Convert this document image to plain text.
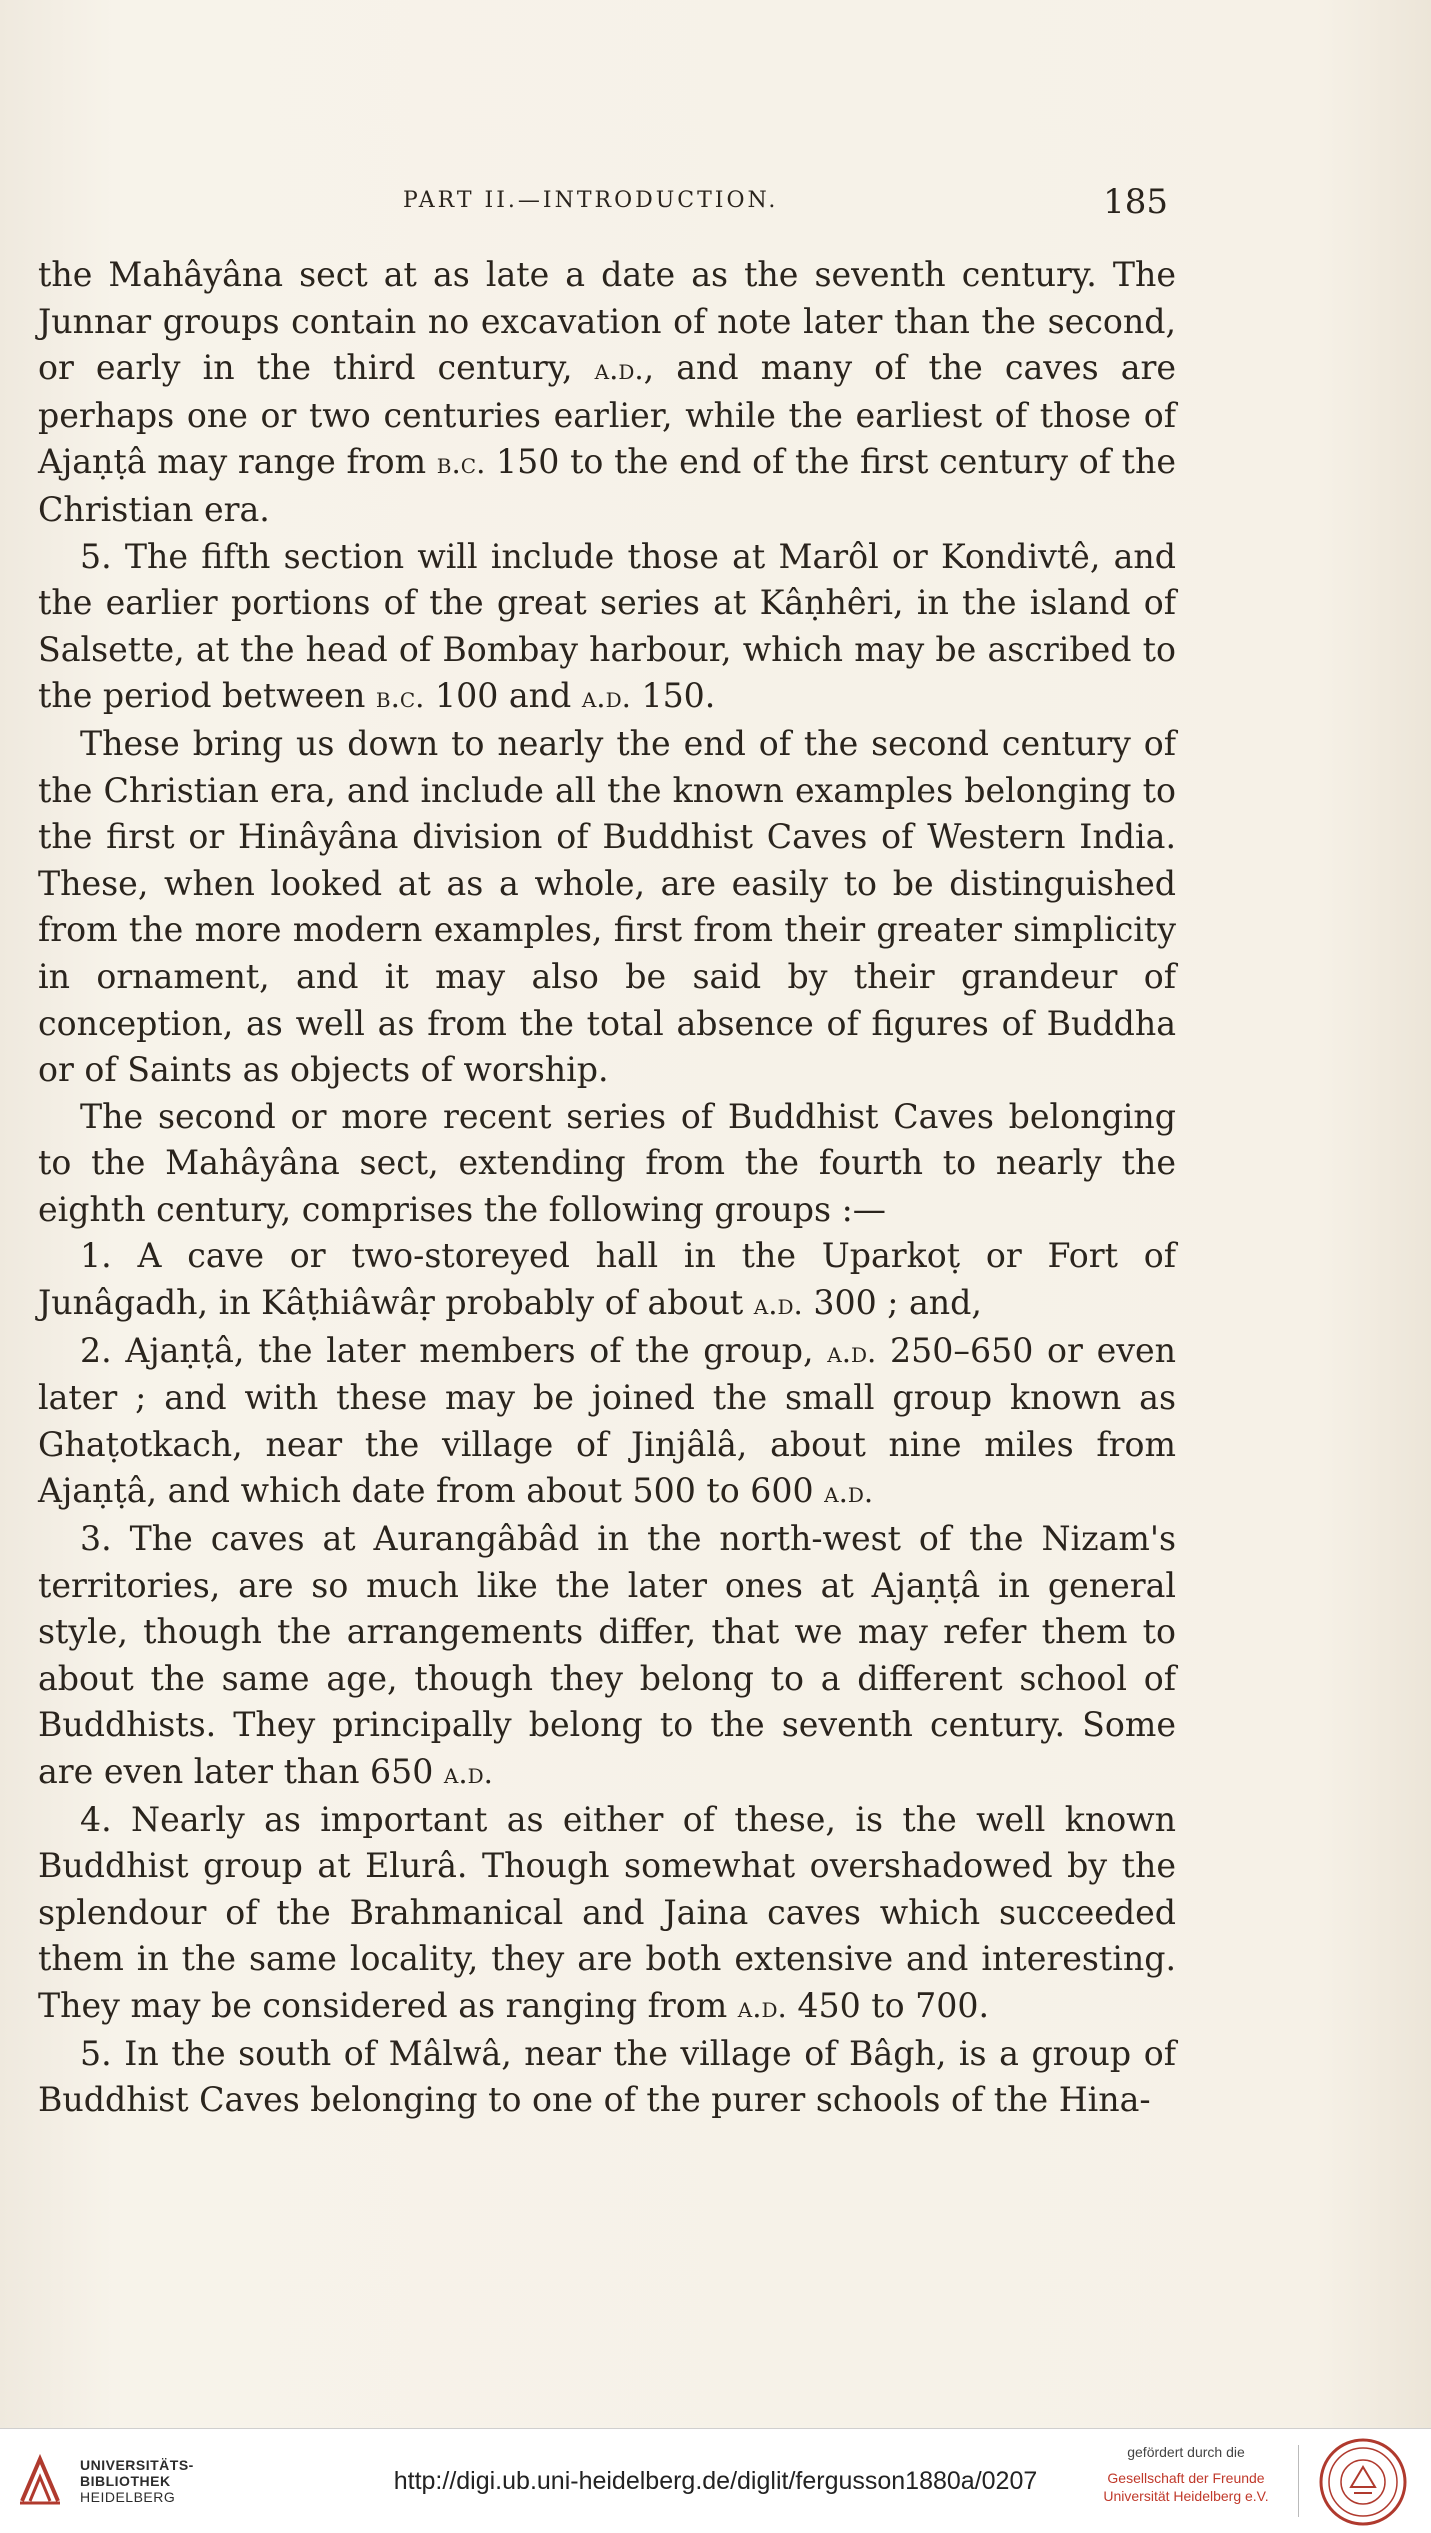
PART II.—INTRODUCTION.	185

the Mahâyâna sect at as late a date as the seventh century. The Junnar groups contain no excavation of note later than the second, or early in the third century, a.d., and many of the caves are perhaps one or two centuries earlier, while the earliest of those of Ajaṇṭâ may range from b.c. 150 to the end of the first century of the Christian era.

5. The fifth section will include those at Marôl or Kondivtê, and the earlier portions of the great series at Kâṇhêri, in the island of Salsette, at the head of Bombay harbour, which may be ascribed to the period between b.c. 100 and a.d. 150.

These bring us down to nearly the end of the second century of the Christian era, and include all the known examples belonging to the first or Hinâyâna division of Buddhist Caves of Western India. These, when looked at as a whole, are easily to be distinguished from the more modern examples, first from their greater simplicity in ornament, and it may also be said by their grandeur of conception, as well as from the total absence of figures of Buddha or of Saints as objects of worship.

The second or more recent series of Buddhist Caves belonging to the Mahâyâna sect, extending from the fourth to nearly the eighth century, comprises the following groups :—

1. A cave or two-storeyed hall in the Uparkoṭ or Fort of Junâgadh, in Kâṭhiâwâṛ probably of about a.d. 300 ; and,

2. Ajaṇṭâ, the later members of the group, a.d. 250–650 or even later ; and with these may be joined the small group known as Ghaṭotkach, near the village of Jinjâlâ, about nine miles from Ajaṇṭâ, and which date from about 500 to 600 a.d.

3. The caves at Aurangâbâd in the north-west of the Nizam's territories, are so much like the later ones at Ajaṇṭâ in general style, though the arrangements differ, that we may refer them to about the same age, though they belong to a different school of Buddhists. They principally belong to the seventh century. Some are even later than 650 a.d.

4. Nearly as important as either of these, is the well known Buddhist group at Elurâ. Though somewhat overshadowed by the splendour of the Brahmanical and Jaina caves which succeeded them in the same locality, they are both extensive and interesting. They may be considered as ranging from a.d. 450 to 700.

5. In the south of Mâlwâ, near the village of Bâgh, is a group of Buddhist Caves belonging to one of the purer schools of the Hina-

UNIVERSITÄTS-
BIBLIOTHEK
HEIDELBERG
http://digi.ub.uni-heidelberg.de/diglit/fergusson1880a/0207
gefördert durch die
Gesellschaft der Freunde
Universität Heidelberg e.V.
